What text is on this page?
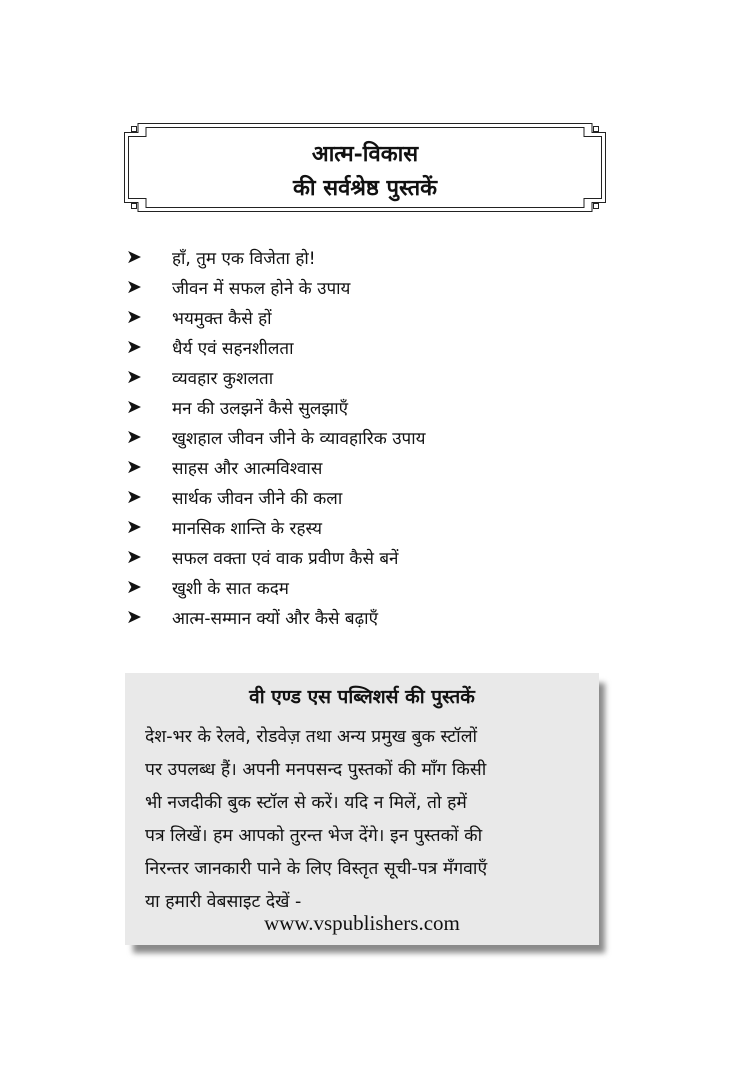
आत्म-विकास
की सर्वश्रेष्ठ पुस्तकें
➤	हाँ, तुम एक विजेता हो!
➤	जीवन में सफल होने के उपाय
➤	भयमुक्त कैसे हों
➤	धैर्य एवं सहनशीलता
➤	व्यवहार कुशलता
➤	मन की उलझनें कैसे सुलझाएँ
➤	खुशहाल जीवन जीने के व्यावहारिक उपाय
➤	साहस और आत्मविश्वास
➤	सार्थक जीवन जीने की कला
➤	मानसिक शान्ति के रहस्य
➤	सफल वक्ता एवं वाक प्रवीण कैसे बनें
➤	खुशी के सात कदम
➤	आत्म-सम्मान क्यों और कैसे बढ़ाएँ
वी एण्ड एस पब्लिशर्स की पुस्तकें
देश-भर के रेलवे, रोडवेज़ तथा अन्य प्रमुख बुक स्टॉलों
पर उपलब्ध हैं। अपनी मनपसन्द पुस्तकों की माँग किसी
भी नजदीकी बुक स्टॉल से करें। यदि न मिलें, तो हमें
पत्र लिखें। हम आपको तुरन्त भेज देंगे। इन पुस्तकों की
निरन्तर जानकारी पाने के लिए विस्तृत सूची-पत्र मँगवाएँ
या हमारी वेबसाइट देखें -
www.vspublishers.com
